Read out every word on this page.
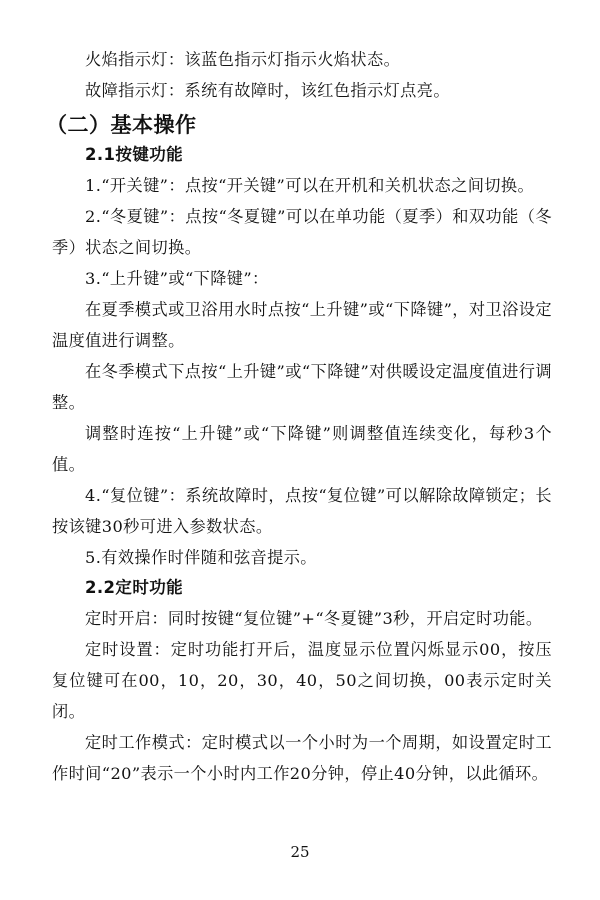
火焰指示灯：该蓝色指示灯指示火焰状态。

故障指示灯：系统有故障时，该红色指示灯点亮。

（二）基本操作
2.1按键功能

1.“开关键”：点按“开关键”可以在开机和关机状态之间切换。

2.“冬夏键”：点按“冬夏键”可以在单功能（夏季）和双功能（冬季）状态之间切换。

3.“上升键”或“下降键”：

在夏季模式或卫浴用水时点按“上升键”或“下降键”，对卫浴设定温度值进行调整。

在冬季模式下点按“上升键”或“下降键”对供暖设定温度值进行调整。

调整时连按“上升键”或“下降键”则调整值连续变化，每秒3个值。

4.“复位键”：系统故障时，点按“复位键”可以解除故障锁定；长按该键30秒可进入参数状态。

5.有效操作时伴随和弦音提示。

2.2定时功能

定时开启：同时按键“复位键”+“冬夏键”3秒，开启定时功能。

定时设置：定时功能打开后，温度显示位置闪烁显示00，按压复位键可在00，10，20，30，40，50之间切换，00表示定时关闭。

定时工作模式：定时模式以一个小时为一个周期，如设置定时工作时间“20”表示一个小时内工作20分钟，停止40分钟，以此循环。

25
